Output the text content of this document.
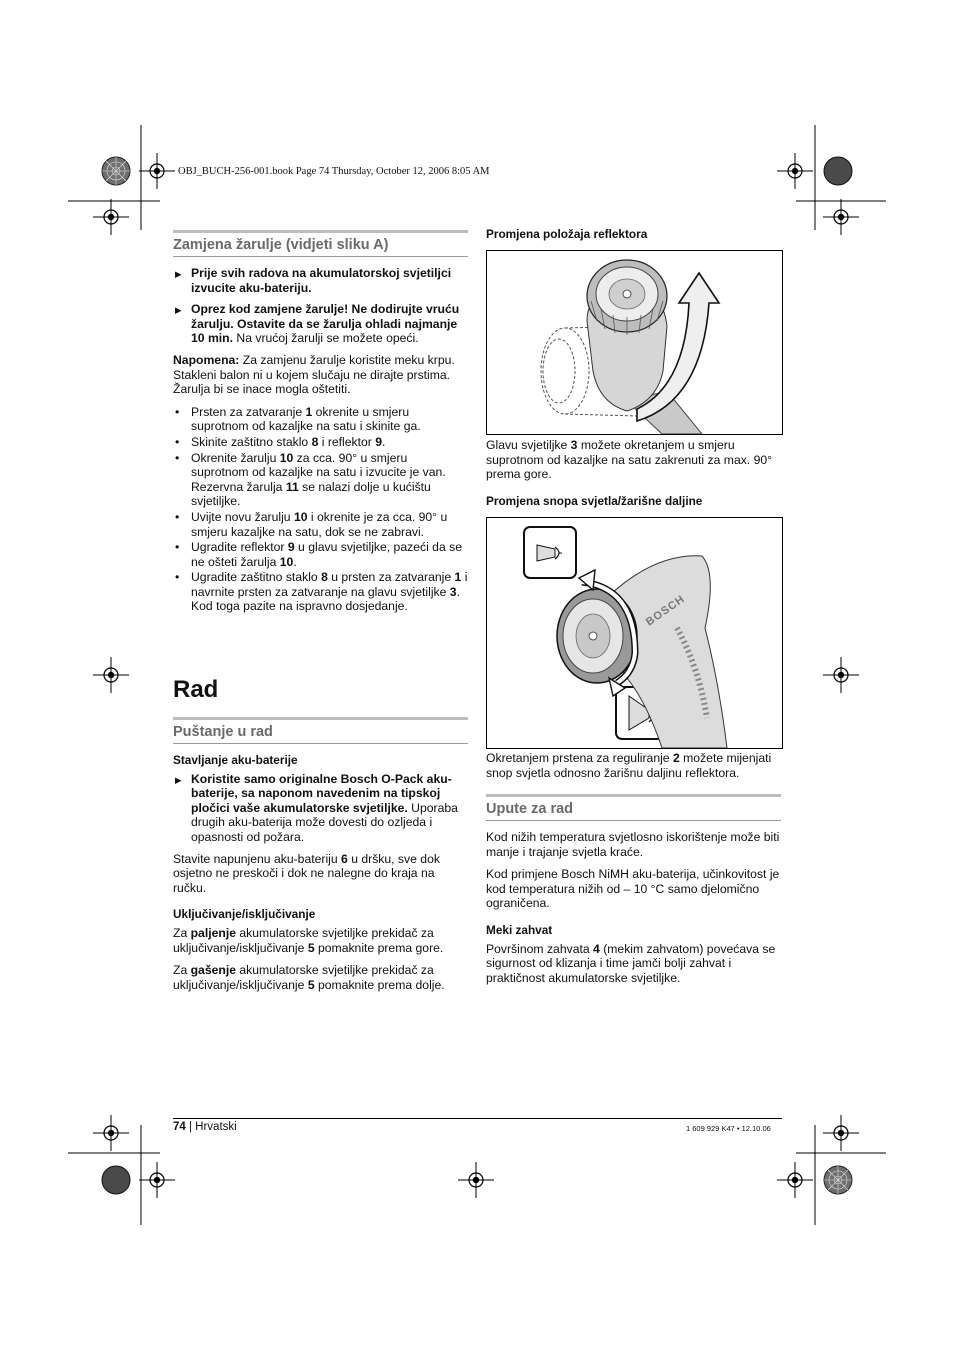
OBJ_BUCH-256-001.book Page 74 Thursday, October 12, 2006 8:05 AM
Zamjena žarulje (vidjeti sliku A)
▶ Prije svih radova na akumulatorskoj svjetiljci izvucite aku-bateriju.
▶ Oprez kod zamjene žarulje! Ne dodirujte vruću žarulju. Ostavite da se žarulja ohladi najmanje 10 min. Na vrućoj žarulji se možete opeći.

Napomena: Za zamjenu žarulje koristite meku krpu. Stakleni balon ni u kojem slučaju ne dirajte prstima. Žarulja bi se inace mogla oštetiti.

• Prsten za zatvaranje 1 okrenite u smjeru suprotnom od kazaljke na satu i skinite ga.
• Skinite zaštitno staklo 8 i reflektor 9.
• Okrenite žarulju 10 za cca. 90° u smjeru suprotnom od kazaljke na satu i izvucite je van. Rezervna žarulja 11 se nalazi dolje u kućištu svjetiljke.
• Uvijte novu žarulju 10 i okrenite je za cca. 90° u smjeru kazaljke na satu, dok se ne zabravi.
• Ugradite reflektor 9 u glavu svjetiljke, pazeći da se ne ošteti žarulja 10.
• Ugradite zaštitno staklo 8 u prsten za zatvaranje 1 i navrnite prsten za zatvaranje na glavu svjetiljke 3. Kod toga pazite na ispravno dosjedanje.
Rad
Puštanje u rad
Stavljanje aku-baterije
▶ Koristite samo originalne Bosch O-Pack aku-baterije, sa naponom navedenim na tipskoj pločici vaše akumulatorske svjetiljke. Uporaba drugih aku-baterija može dovesti do ozljeda i opasnosti od požara.

Stavite napunjenu aku-bateriju 6 u dršku, sve dok osjetno ne preskoči i dok ne nalegne do kraja na ručku.

Uključivanje/isključivanje

Za paljenje akumulatorske svjetiljke prekidač za uključivanje/isključivanje 5 pomaknite prema gore.

Za gašenje akumulatorske svjetiljke prekidač za uključivanje/isključivanje 5 pomaknite prema dolje.

Promjena položaja reflektora

Glavu svjetiljke 3 možete okretanjem u smjeru suprotnom od kazaljke na satu zakrenuti za max. 90° prema gore.

Promjena snopa svjetla/žarišne daljine
BOSCH

Okretanjem prstena za reguliranje 2 možete mijenjati snop svjetla odnosno žarišnu daljinu reflektora.

Upute za rad

Kod nižih temperatura svjetlosno iskorištenje može biti manje i trajanje svjetla kraće.

Kod primjene Bosch NiMH aku-baterija, učinkovitost je kod temperatura nižih od – 10 °C samo djelomično ograničena.

Meki zahvat

Površinom zahvata 4 (mekim zahvatom) povećava se sigurnost od klizanja i time jamči bolji zahvat i praktičnost akumulatorske svjetiljke.

74 | Hrvatski	1 609 929 K47 • 12.10.06
